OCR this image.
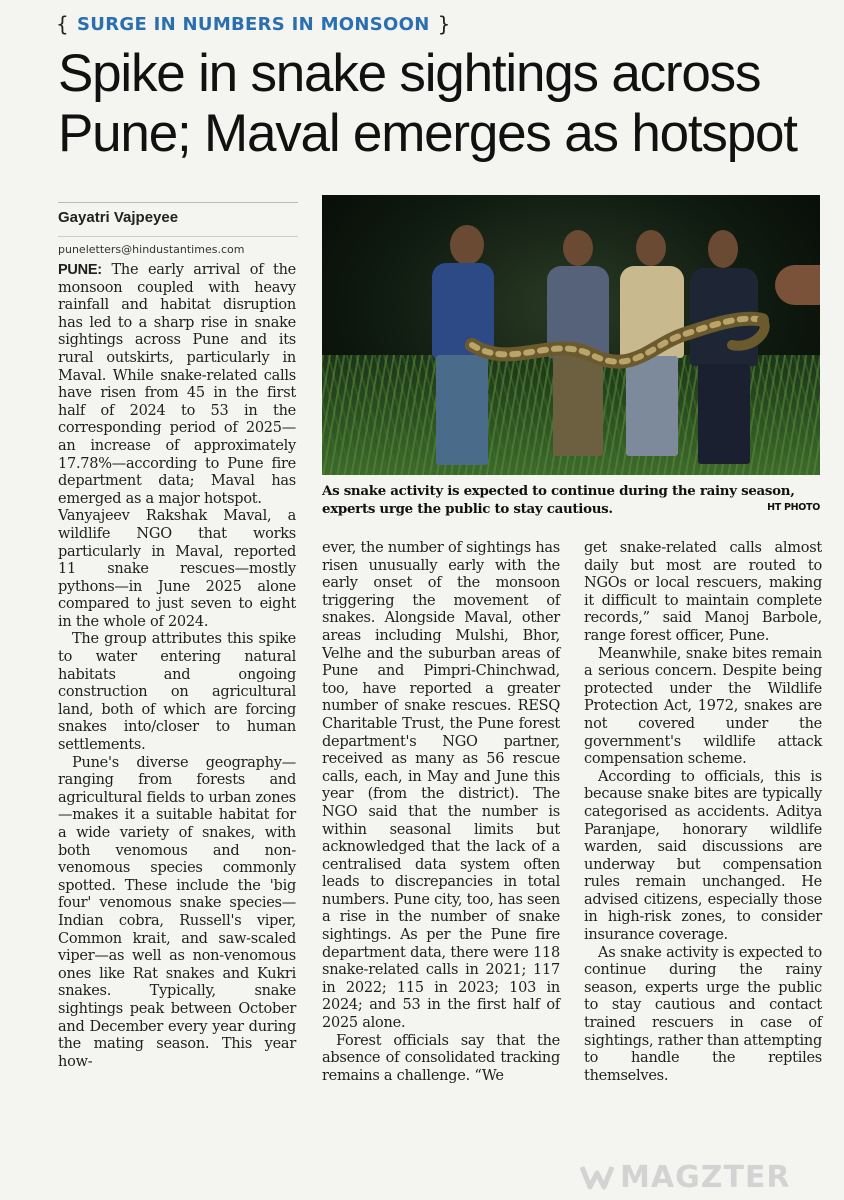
{ SURGE IN NUMBERS IN MONSOON }
Spike in snake sightings across
Pune; Maval emerges as hotspot
Gayatri Vajpeyee
puneletters@hindustantimes.com

PUNE: The early arrival of the monsoon coupled with heavy rainfall and habitat disruption has led to a sharp rise in snake sightings across Pune and its rural outskirts, particularly in Maval. While snake-related calls have risen from 45 in the first half of 2024 to 53 in the corresponding period of 2025—an increase of approximately 17.78%—according to Pune fire department data; Maval has emerged as a major hotspot.

Vanyajeev Rakshak Maval, a wildlife NGO that works particularly in Maval, reported 11 snake rescues—mostly pythons—in June 2025 alone compared to just seven to eight in the whole of 2024.

The group attributes this spike to water entering natural habitats and ongoing construction on agricultural land, both of which are forcing snakes into/closer to human settlements.

Pune's diverse geography—ranging from forests and agricultural fields to urban zones—makes it a suitable habitat for a wide variety of snakes, with both venomous and non-venomous species commonly spotted. These include the 'big four' venomous snake species—Indian cobra, Russell's viper, Common krait, and saw-scaled viper—as well as non-venomous ones like Rat snakes and Kukri snakes. Typically, snake sightings peak between October and December every year during the mating season. This year how-

As snake activity is expected to continue during the rainy season, experts urge the public to stay cautious.	HT PHOTO

ever, the number of sightings has risen unusually early with the early onset of the monsoon triggering the movement of snakes. Alongside Maval, other areas including Mulshi, Bhor, Velhe and the suburban areas of Pune and Pimpri-Chinchwad, too, have reported a greater number of snake rescues. RESQ Charitable Trust, the Pune forest department's NGO partner, received as many as 56 rescue calls, each, in May and June this year (from the district). The NGO said that the number is within seasonal limits but acknowledged that the lack of a centralised data system often leads to discrepancies in total numbers. Pune city, too, has seen a rise in the number of snake sightings. As per the Pune fire department data, there were 118 snake-related calls in 2021; 117 in 2022; 115 in 2023; 103 in 2024; and 53 in the first half of 2025 alone.

Forest officials say that the absence of consolidated tracking remains a challenge. “We

get snake-related calls almost daily but most are routed to NGOs or local rescuers, making it difficult to maintain complete records,” said Manoj Barbole, range forest officer, Pune.

Meanwhile, snake bites remain a serious concern. Despite being protected under the Wildlife Protection Act, 1972, snakes are not covered under the government's wildlife attack compensation scheme.

According to officials, this is because snake bites are typically categorised as accidents. Aditya Paranjape, honorary wildlife warden, said discussions are underway but compensation rules remain unchanged. He advised citizens, especially those in high-risk zones, to consider insurance coverage.

As snake activity is expected to continue during the rainy season, experts urge the public to stay cautious and contact trained rescuers in case of sightings, rather than attempting to handle the reptiles themselves.

MAGZTER
